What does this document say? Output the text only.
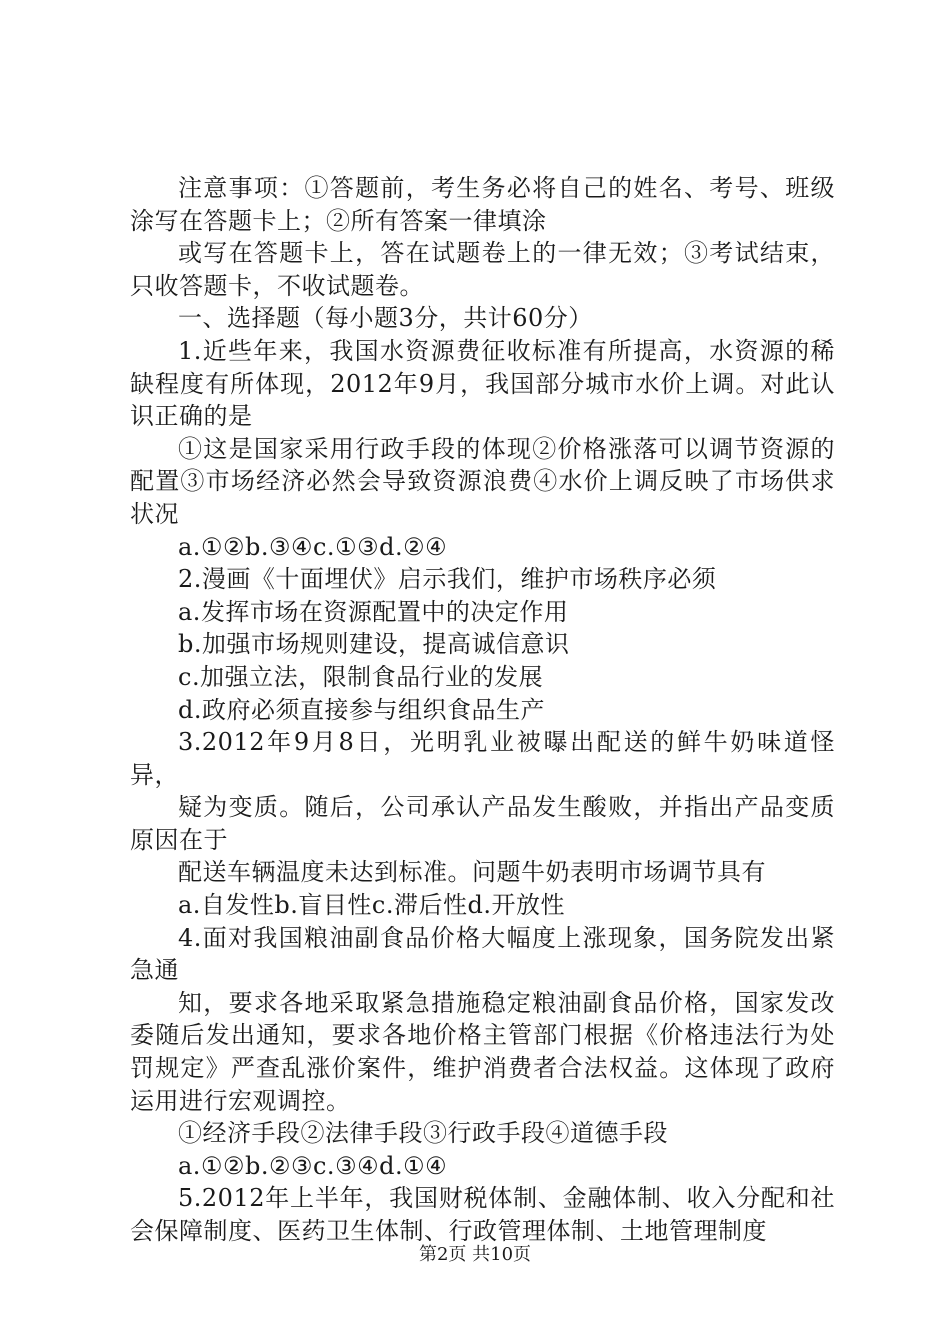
注意事项：①答题前，考生务必将自己的姓名、考号、班级涂写在答题卡上；②所有答案一律填涂

或写在答题卡上，答在试题卷上的一律无效；③考试结束，只收答题卡，不收试题卷。

一、选择题（每小题3分，共计60分）

1.近些年来，我国水资源费征收标准有所提高，水资源的稀缺程度有所体现，2012年9月，我国部分城市水价上调。对此认识正确的是

①这是国家采用行政手段的体现②价格涨落可以调节资源的配置③市场经济必然会导致资源浪费④水价上调反映了市场供求状况

a.①②b.③④c.①③d.②④

2.漫画《十面埋伏》启示我们，维护市场秩序必须

a.发挥市场在资源配置中的决定作用

b.加强市场规则建设，提高诚信意识

c.加强立法，限制食品行业的发展

d.政府必须直接参与组织食品生产

3.2012年9月8日，光明乳业被曝出配送的鲜牛奶味道怪异，

疑为变质。随后，公司承认产品发生酸败，并指出产品变质原因在于

配送车辆温度未达到标准。问题牛奶表明市场调节具有

a.自发性b.盲目性c.滞后性d.开放性

4.面对我国粮油副食品价格大幅度上涨现象，国务院发出紧急通

知，要求各地采取紧急措施稳定粮油副食品价格，国家发改委随后发出通知，要求各地价格主管部门根据《价格违法行为处罚规定》严查乱涨价案件，维护消费者合法权益。这体现了政府运用进行宏观调控。

①经济手段②法律手段③行政手段④道德手段

a.①②b.②③c.③④d.①④

5.2012年上半年，我国财税体制、金融体制、收入分配和社会保障制度、医药卫生体制、行政管理体制、土地管理制度

第2页 共10页
